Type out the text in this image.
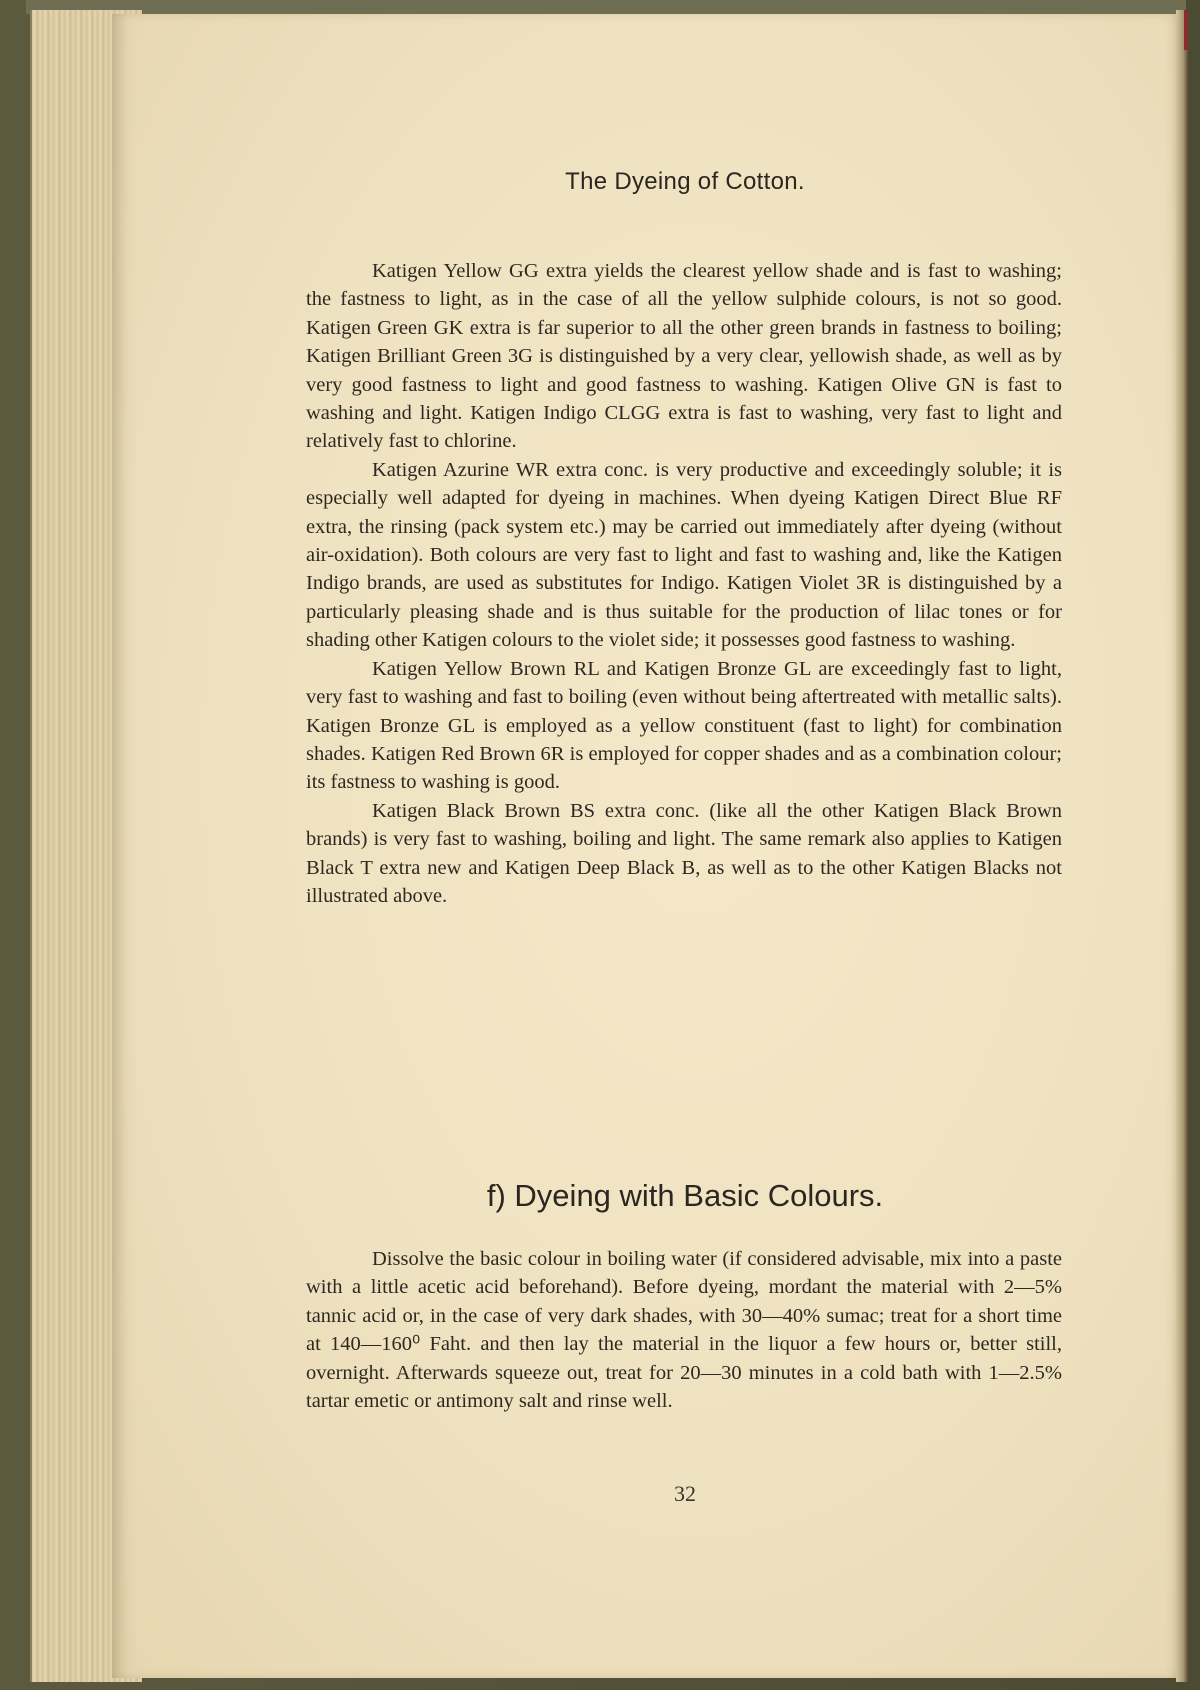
The Dyeing of Cotton.

Katigen Yellow GG extra yields the clearest yellow shade and is fast to washing; the fastness to light, as in the case of all the yellow sulphide colours, is not so good. Katigen Green GK extra is far superior to all the other green brands in fastness to boiling; Katigen Brilliant Green 3G is distinguished by a very clear, yellowish shade, as well as by very good fastness to light and good fastness to washing. Katigen Olive GN is fast to washing and light. Katigen Indigo CLGG extra is fast to washing, very fast to light and relatively fast to chlorine.

Katigen Azurine WR extra conc. is very productive and exceedingly soluble; it is especially well adapted for dyeing in machines. When dyeing Katigen Direct Blue RF extra, the rinsing (pack system etc.) may be carried out immediately after dyeing (without air-oxidation). Both colours are very fast to light and fast to washing and, like the Katigen Indigo brands, are used as substitutes for Indigo. Katigen Violet 3R is distinguished by a particularly pleasing shade and is thus suitable for the production of lilac tones or for shading other Katigen colours to the violet side; it possesses good fastness to washing.

Katigen Yellow Brown RL and Katigen Bronze GL are exceedingly fast to light, very fast to washing and fast to boiling (even without being aftertreated with metallic salts). Katigen Bronze GL is employed as a yellow constituent (fast to light) for combination shades. Katigen Red Brown 6R is employed for copper shades and as a combination colour; its fastness to washing is good.

Katigen Black Brown BS extra conc. (like all the other Katigen Black Brown brands) is very fast to washing, boiling and light. The same remark also applies to Katigen Black T extra new and Katigen Deep Black B, as well as to the other Katigen Blacks not illustrated above.

f) Dyeing with Basic Colours.

Dissolve the basic colour in boiling water (if considered advisable, mix into a paste with a little acetic acid beforehand). Before dyeing, mordant the material with 2—5% tannic acid or, in the case of very dark shades, with 30—40% sumac; treat for a short time at 140—160⁰ Faht. and then lay the material in the liquor a few hours or, better still, overnight. Afterwards squeeze out, treat for 20—30 minutes in a cold bath with 1—2.5% tartar emetic or antimony salt and rinse well.

32
